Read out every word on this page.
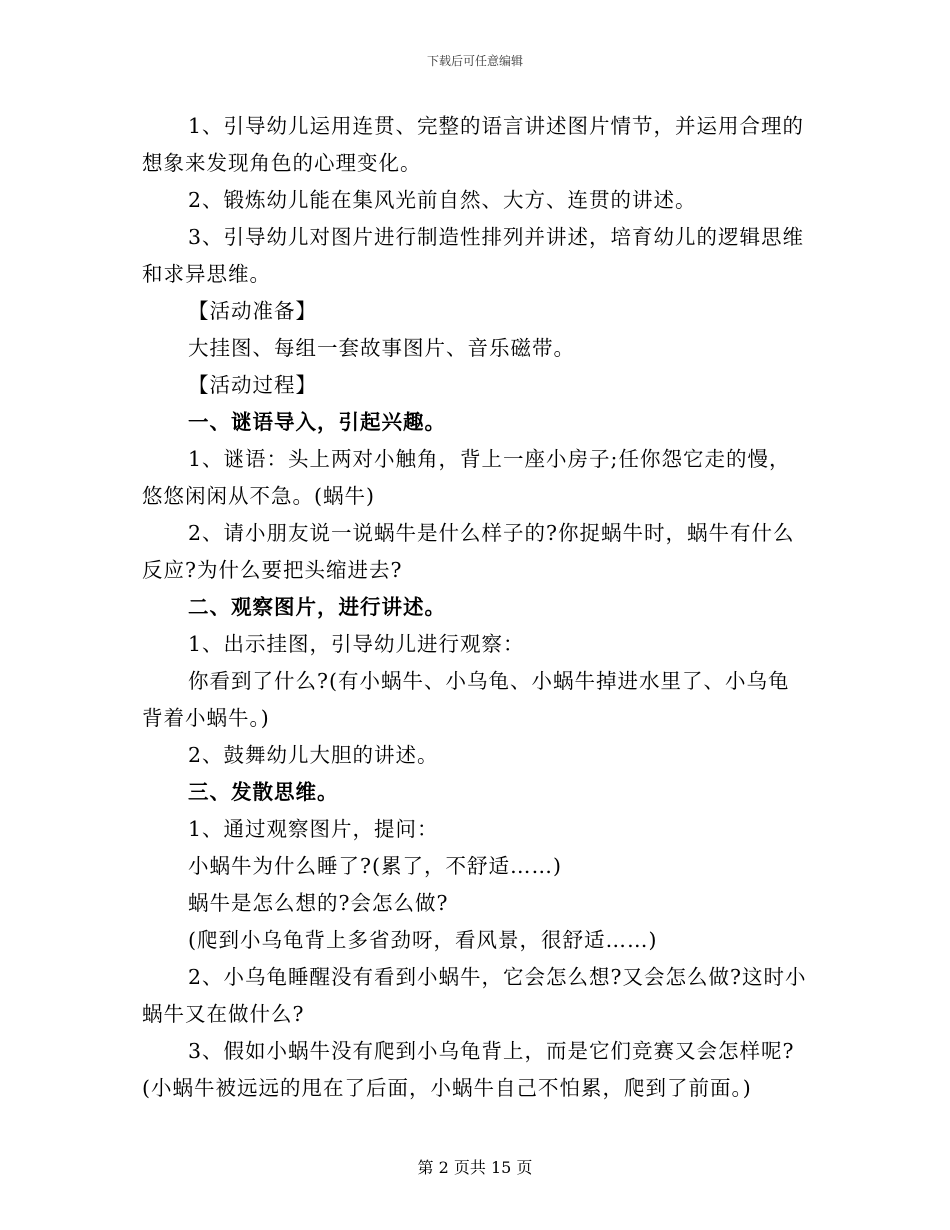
下载后可任意编辑

1、引导幼儿运用连贯、完整的语言讲述图片情节，并运用合理的想象来发现角色的心理变化。

2、锻炼幼儿能在集风光前自然、大方、连贯的讲述。

3、引导幼儿对图片进行制造性排列并讲述，培育幼儿的逻辑思维和求异思维。

【活动准备】

大挂图、每组一套故事图片、音乐磁带。

【活动过程】

一、谜语导入，引起兴趣。

1、谜语：头上两对小触角，背上一座小房子;任你怨它走的慢，悠悠闲闲从不急。(蜗牛)

2、请小朋友说一说蜗牛是什么样子的?你捉蜗牛时，蜗牛有什么反应?为什么要把头缩进去?

二、观察图片，进行讲述。

1、出示挂图，引导幼儿进行观察：

你看到了什么?(有小蜗牛、小乌龟、小蜗牛掉进水里了、小乌龟背着小蜗牛。)

2、鼓舞幼儿大胆的讲述。

三、发散思维。

1、通过观察图片，提问：

小蜗牛为什么睡了?(累了，不舒适……)

蜗牛是怎么想的?会怎么做?

(爬到小乌龟背上多省劲呀，看风景，很舒适……)

2、小乌龟睡醒没有看到小蜗牛，它会怎么想?又会怎么做?这时小蜗牛又在做什么?

3、假如小蜗牛没有爬到小乌龟背上，而是它们竞赛又会怎样呢?(小蜗牛被远远的甩在了后面，小蜗牛自己不怕累，爬到了前面。)

第 2 页共 15 页
